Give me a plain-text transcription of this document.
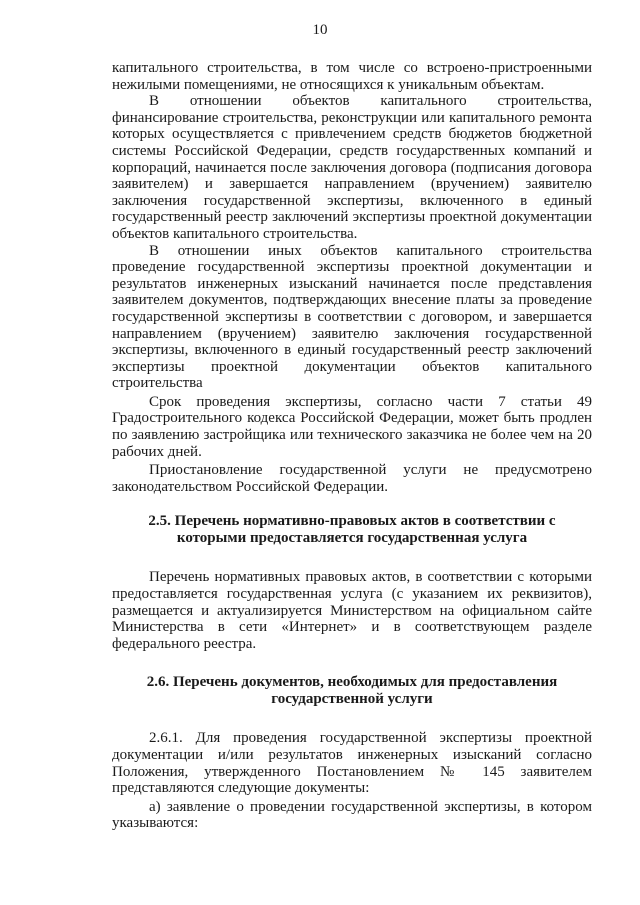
10

капитального строительства, в том числе со встроено-пристроенными нежилыми помещениями, не относящихся к уникальным объектам.

В отношении объектов капитального строительства, финансирование строительства, реконструкции или капитального ремонта которых осуществляется с привлечением средств бюджетов бюджетной системы Российской Федерации, средств государственных компаний и корпораций, начинается после заключения договора (подписания договора заявителем) и завершается направлением (вручением) заявителю заключения государственной экспертизы, включенного в единый государственный реестр заключений экспертизы проектной документации объектов капитального строительства.

В отношении иных объектов капитального строительства проведение государственной экспертизы проектной документации и результатов инженерных изысканий начинается после представления заявителем документов, подтверждающих внесение платы за проведение государственной экспертизы в соответствии с договором, и завершается направлением (вручением) заявителю заключения государственной экспертизы, включенного в единый государственный реестр заключений экспертизы проектной документации объектов капитального строительства

Срок проведения экспертизы, согласно части 7 статьи 49 Градостроительного кодекса Российской Федерации, может быть продлен по заявлению застройщика или технического заказчика не более чем на 20 рабочих дней.

Приостановление государственной услуги не предусмотрено законодательством Российской Федерации.

2.5. Перечень нормативно-правовых актов в соответствии с которыми предоставляется государственная услуга

Перечень нормативных правовых актов, в соответствии с которыми предоставляется государственная услуга (с указанием их реквизитов), размещается и актуализируется Министерством на официальном сайте Министерства в сети «Интернет» и в соответствующем разделе федерального реестра.

2.6. Перечень документов, необходимых для предоставления государственной услуги

2.6.1. Для проведения государственной экспертизы проектной документации и/или результатов инженерных изысканий согласно Положения, утвержденного Постановлением № 145 заявителем представляются следующие документы:

а) заявление о проведении государственной экспертизы, в котором указываются:
